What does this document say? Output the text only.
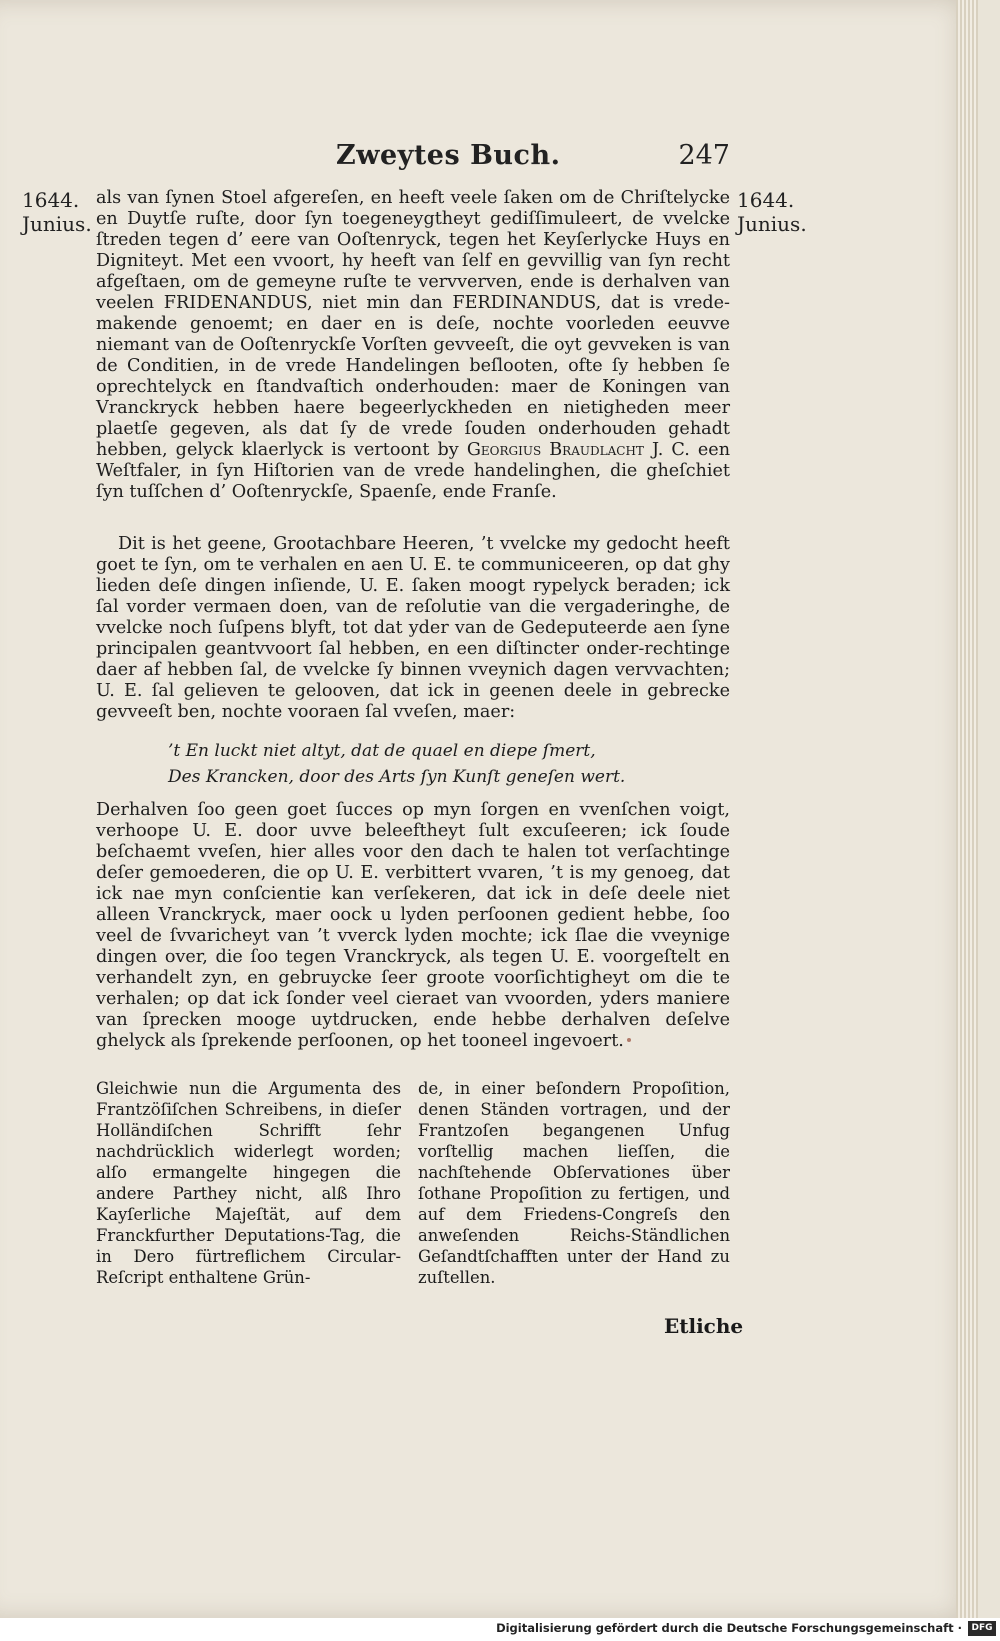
Zweytes Buch.	247
1644.
Junius.
1644.
Junius.
als van ſynen Stoel afgereſen, en heeft veele ſaken om de Chriſtelycke en Duytſe ruſte, door ſyn toegeneygtheyt gediſſimuleert, de vvelcke ſtreden tegen d’ eere van Ooſtenryck, tegen het Keyſerlycke Huys en Digniteyt. Met een vvoort, hy heeft van ſelf en gevvillig van ſyn recht afgeſtaen, om de gemeyne ruſte te vervverven, ende is derhalven van veelen FRIDENANDUS, niet min dan FERDINANDUS, dat is vrede-makende genoemt; en daer en is deſe, nochte voorleden eeuvve niemant van de Ooſtenryckſe Vorſten gevveeſt, die oyt gevveken is van de Conditien, in de vrede Handelingen beſlooten, ofte ſy hebben ſe oprechtelyck en ſtandvaſtich onderhouden: maer de Koningen van Vranckryck hebben haere begeerlyckheden en nietigheden meer plaetſe gegeven, als dat ſy de vrede ſouden onderhouden gehadt hebben, gelyck klaerlyck is vertoont by Georgius Braudlacht J. C. een Weſtfaler, in ſyn Hiſtorien van de vrede handelinghen, die gheſchiet ſyn tuſſchen d’ Ooſtenryckſe, Spaenſe, ende Franſe.
Dit is het geene, Grootachbare Heeren, ’t vvelcke my gedocht heeft goet te ſyn, om te verhalen en aen U. E. te communiceeren, op dat ghy lieden deſe dingen inſiende, U. E. ſaken moogt rypelyck beraden; ick ſal vorder vermaen doen, van de reſolutie van die vergaderinghe, de vvelcke noch ſuſpens blyft, tot dat yder van de Gedeputeerde aen ſyne principalen geantvvoort ſal hebben, en een diſtincter onder-rechtinge daer af hebben ſal, de vvelcke ſy binnen vveynich dagen vervvachten; U. E. ſal gelieven te gelooven, dat ick in geenen deele in gebrecke gevveeſt ben, nochte vooraen ſal vveſen, maer:
’t En luckt niet altyt, dat de quael en diepe ſmert,
Des Krancken, door des Arts ſyn Kunſt geneſen wert.
Derhalven ſoo geen goet ſucces op myn ſorgen en vvenſchen voigt, verhoope U. E. door uvve beleeftheyt ſult excuſeeren; ick ſoude beſchaemt vveſen, hier alles voor den dach te halen tot verſachtinge deſer gemoederen, die op U. E. verbittert vvaren, ’t is my genoeg, dat ick nae myn conſcientie kan verſekeren, dat ick in deſe deele niet alleen Vranckryck, maer oock u lyden perſoonen gedient hebbe, ſoo veel de ſvvaricheyt van ’t vverck lyden mochte; ick ſlae die vveynige dingen over, die ſoo tegen Vranckryck, als tegen U. E. voorgeſtelt en verhandelt zyn, en gebruycke ſeer groote voorſichtigheyt om die te verhalen; op dat ick ſonder veel cieraet van vvoorden, yders maniere van ſprecken mooge uytdrucken, ende hebbe derhalven deſelve ghelyck als ſprekende perſoonen, op het tooneel ingevoert.
Gleichwie nun die Argumenta des Frantzöſiſchen Schreibens, in dieſer Holländiſchen Schrifft ſehr nachdrücklich widerlegt worden; alſo ermangelte hingegen die andere Parthey nicht, alß Ihro Kayſerliche Majeſtät, auf dem Franckfurther Deputations-Tag, die in Dero fürtreflichem Circular-Reſcript enthaltene Grün-
de, in einer beſondern Propoſition, denen Ständen vortragen, und der Frantzoſen begangenen Unfug vorſtellig machen lieſſen, die nachſtehende Obſervationes über ſothane Propoſition zu fertigen, und auf dem Friedens-Congreſs den anweſenden Reichs-Ständlichen Geſandtſchafften unter der Hand zu zuſtellen.
Etliche
Digitalisierung gefördert durch die Deutsche Forschungsgemeinschaft ·	DFG
